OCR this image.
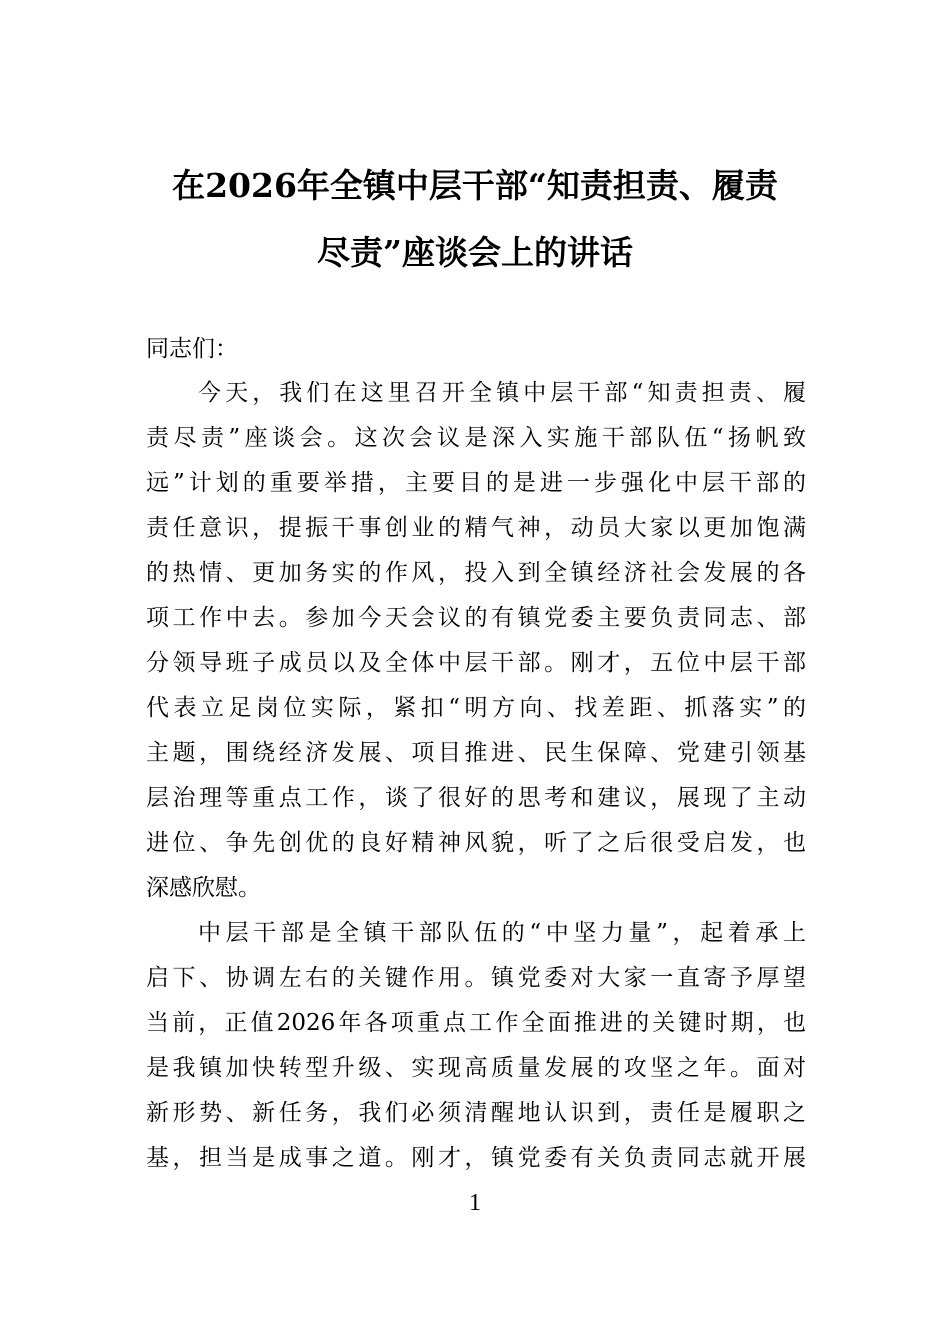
在2026年全镇中层干部“知责担责、履责
尽责”座谈会上的讲话
同志们：
今天，我们在这里召开全镇中层干部“知责担责、履
责尽责”座谈会。这次会议是深入实施干部队伍“扬帆致
远”计划的重要举措，主要目的是进一步强化中层干部的
责任意识，提振干事创业的精气神，动员大家以更加饱满
的热情、更加务实的作风，投入到全镇经济社会发展的各
项工作中去。参加今天会议的有镇党委主要负责同志、部
分领导班子成员以及全体中层干部。刚才，五位中层干部
代表立足岗位实际，紧扣“明方向、找差距、抓落实”的
主题，围绕经济发展、项目推进、民生保障、党建引领基
层治理等重点工作，谈了很好的思考和建议，展现了主动
进位、争先创优的良好精神风貌，听了之后很受启发，也
深感欣慰。
中层干部是全镇干部队伍的“中坚力量”，起着承上
启下、协调左右的关键作用。镇党委对大家一直寄予厚望
当前，正值2026年各项重点工作全面推进的关键时期，也
是我镇加快转型升级、实现高质量发展的攻坚之年。面对
新形势、新任务，我们必须清醒地认识到，责任是履职之
基，担当是成事之道。刚才，镇党委有关负责同志就开展
1
